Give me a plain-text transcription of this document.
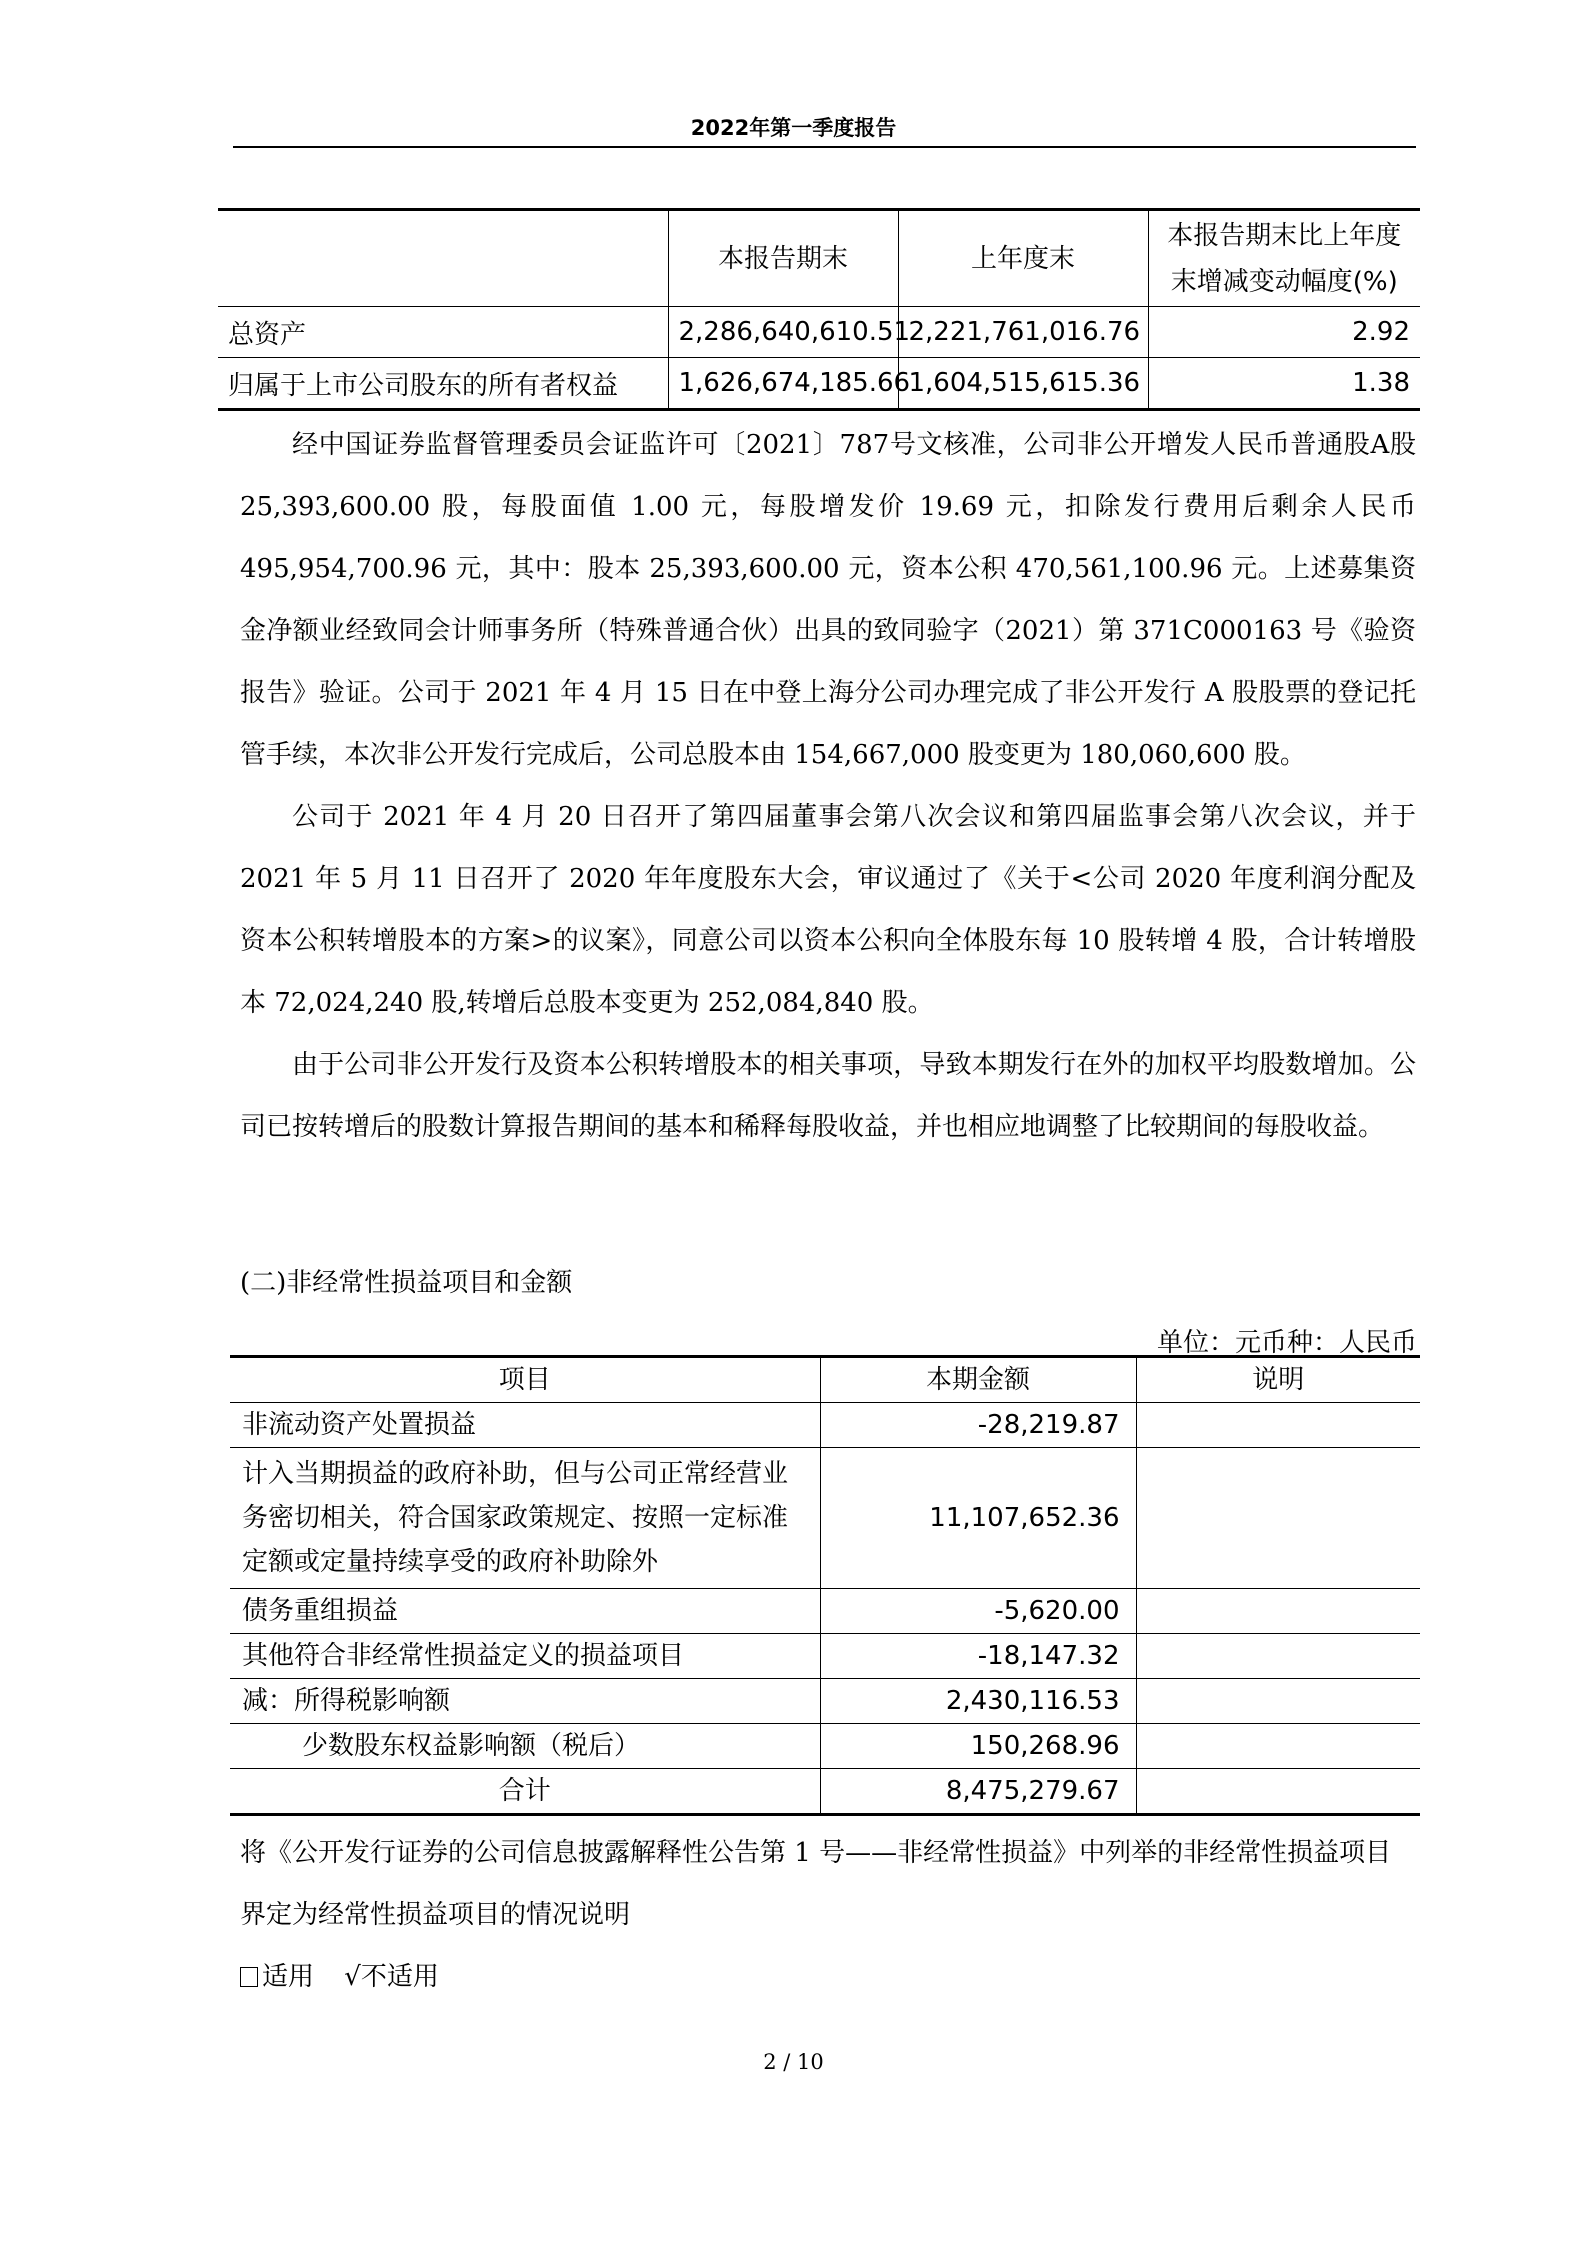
2022年第一季度报告
	本报告期末	上年度末	本报告期末比上年度末增减变动幅度(%)
总资产	2,286,640,610.51	2,221,761,016.76	2.92
归属于上市公司股东的所有者权益	1,626,674,185.66	1,604,515,615.36	1.38

经中国证券监督管理委员会证监许可〔2021〕787号文核准，公司非公开增发人民币普通股A股 25,393,600.00 股，每股面值 1.00 元，每股增发价 19.69 元，扣除发行费用后剩余人民币 495,954,700.96 元，其中：股本 25,393,600.00 元，资本公积 470,561,100.96 元。上述募集资金净额业经致同会计师事务所（特殊普通合伙）出具的致同验字（2021）第 371C000163 号《验资报告》验证。公司于 2021 年 4 月 15 日在中登上海分公司办理完成了非公开发行 A 股股票的登记托管手续，本次非公开发行完成后，公司总股本由 154,667,000 股变更为 180,060,600 股。

公司于 2021 年 4 月 20 日召开了第四届董事会第八次会议和第四届监事会第八次会议，并于 2021 年 5 月 11 日召开了 2020 年年度股东大会，审议通过了《关于<公司 2020 年度利润分配及资本公积转增股本的方案>的议案》，同意公司以资本公积向全体股东每 10 股转增 4 股，合计转增股本 72,024,240 股,转增后总股本变更为 252,084,840 股。

由于公司非公开发行及资本公积转增股本的相关事项，导致本期发行在外的加权平均股数增加。公司已按转增后的股数计算报告期间的基本和稀释每股收益，并也相应地调整了比较期间的每股收益。

(二)非经常性损益项目和金额
单位：元币种：人民币
项目	本期金额	说明
非流动资产处置损益	-28,219.87	
计入当期损益的政府补助，但与公司正常经营业务密切相关，符合国家政策规定、按照一定标准定额或定量持续享受的政府补助除外	11,107,652.36	
债务重组损益	-5,620.00	
其他符合非经常性损益定义的损益项目	-18,147.32	
减：所得税影响额	2,430,116.53	
少数股东权益影响额（税后）	150,268.96	
合计	8,475,279.67	

将《公开发行证券的公司信息披露解释性公告第 1 号——非经常性损益》中列举的非经常性损益项目界定为经常性损益项目的情况说明

适用 √不适用
2 / 10
